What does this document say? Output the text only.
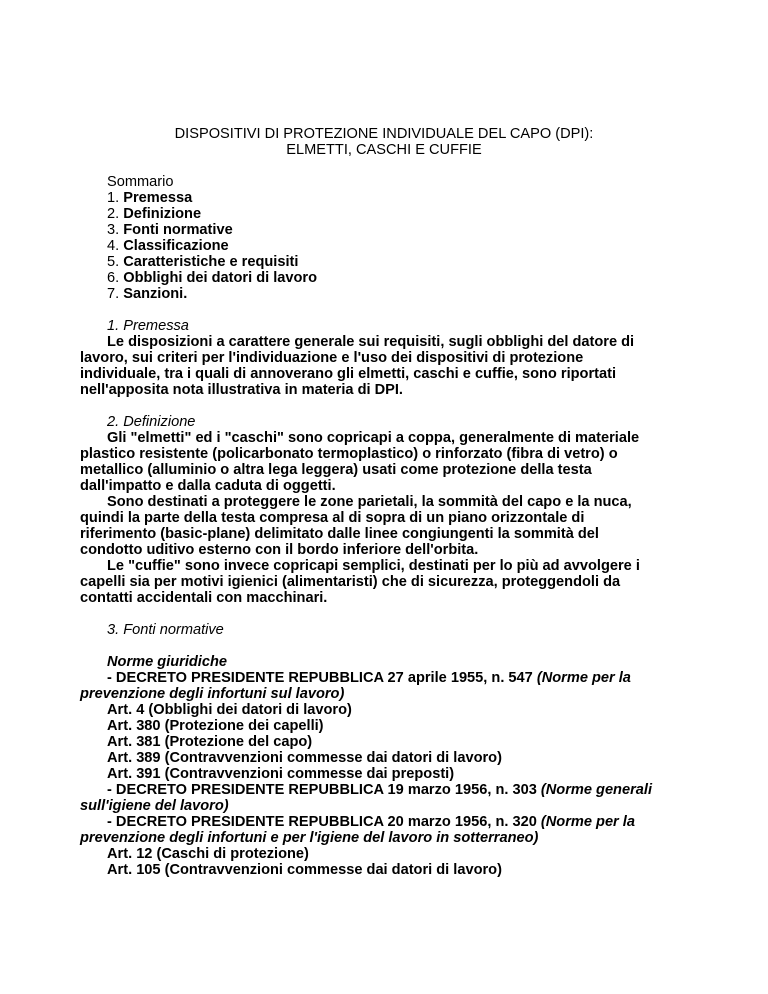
DISPOSITIVI DI PROTEZIONE INDIVIDUALE DEL CAPO (DPI):
ELMETTI, CASCHI E CUFFIE

Sommario

1. Premessa

2. Definizione

3. Fonti normative

4. Classificazione

5. Caratteristiche e requisiti

6. Obblighi dei datori di lavoro

7. Sanzioni.

1. Premessa

Le disposizioni a carattere generale sui requisiti, sugli obblighi del datore di lavoro, sui criteri per l'individuazione e l'uso dei dispositivi di protezione individuale, tra i quali di annoverano gli elmetti, caschi e cuffie, sono riportati nell'apposita nota illustrativa in materia di DPI.

2. Definizione

Gli "elmetti" ed i "caschi" sono copricapi a coppa, generalmente di materiale plastico resistente (policarbonato termoplastico) o rinforzato (fibra di vetro) o metallico (alluminio o altra lega leggera) usati come protezione della testa dall'impatto e dalla caduta di oggetti.

Sono destinati a proteggere le zone parietali, la sommità del capo e la nuca, quindi la parte della testa compresa al di sopra di un piano orizzontale di riferimento (basic-plane) delimitato dalle linee congiungenti la sommità del condotto uditivo esterno con il bordo inferiore dell'orbita.

Le "cuffie" sono invece copricapi semplici, destinati per lo più ad avvolgere i capelli sia per motivi igienici (alimentaristi) che di sicurezza, proteggendoli da contatti accidentali con macchinari.

3. Fonti normative

Norme giuridiche

- DECRETO PRESIDENTE REPUBBLICA 27 aprile 1955, n. 547 (Norme per la prevenzione degli infortuni sul lavoro)

Art. 4 (Obblighi dei datori di lavoro)

Art. 380 (Protezione dei capelli)

Art. 381 (Protezione del capo)

Art. 389 (Contravvenzioni commesse dai datori di lavoro)

Art. 391 (Contravvenzioni commesse dai preposti)

- DECRETO PRESIDENTE REPUBBLICA 19 marzo 1956, n. 303 (Norme generali sull'igiene del lavoro)

- DECRETO PRESIDENTE REPUBBLICA 20 marzo 1956, n. 320 (Norme per la prevenzione degli infortuni e per l'igiene del lavoro in sotterraneo)

Art. 12 (Caschi di protezione)

Art. 105 (Contravvenzioni commesse dai datori di lavoro)
